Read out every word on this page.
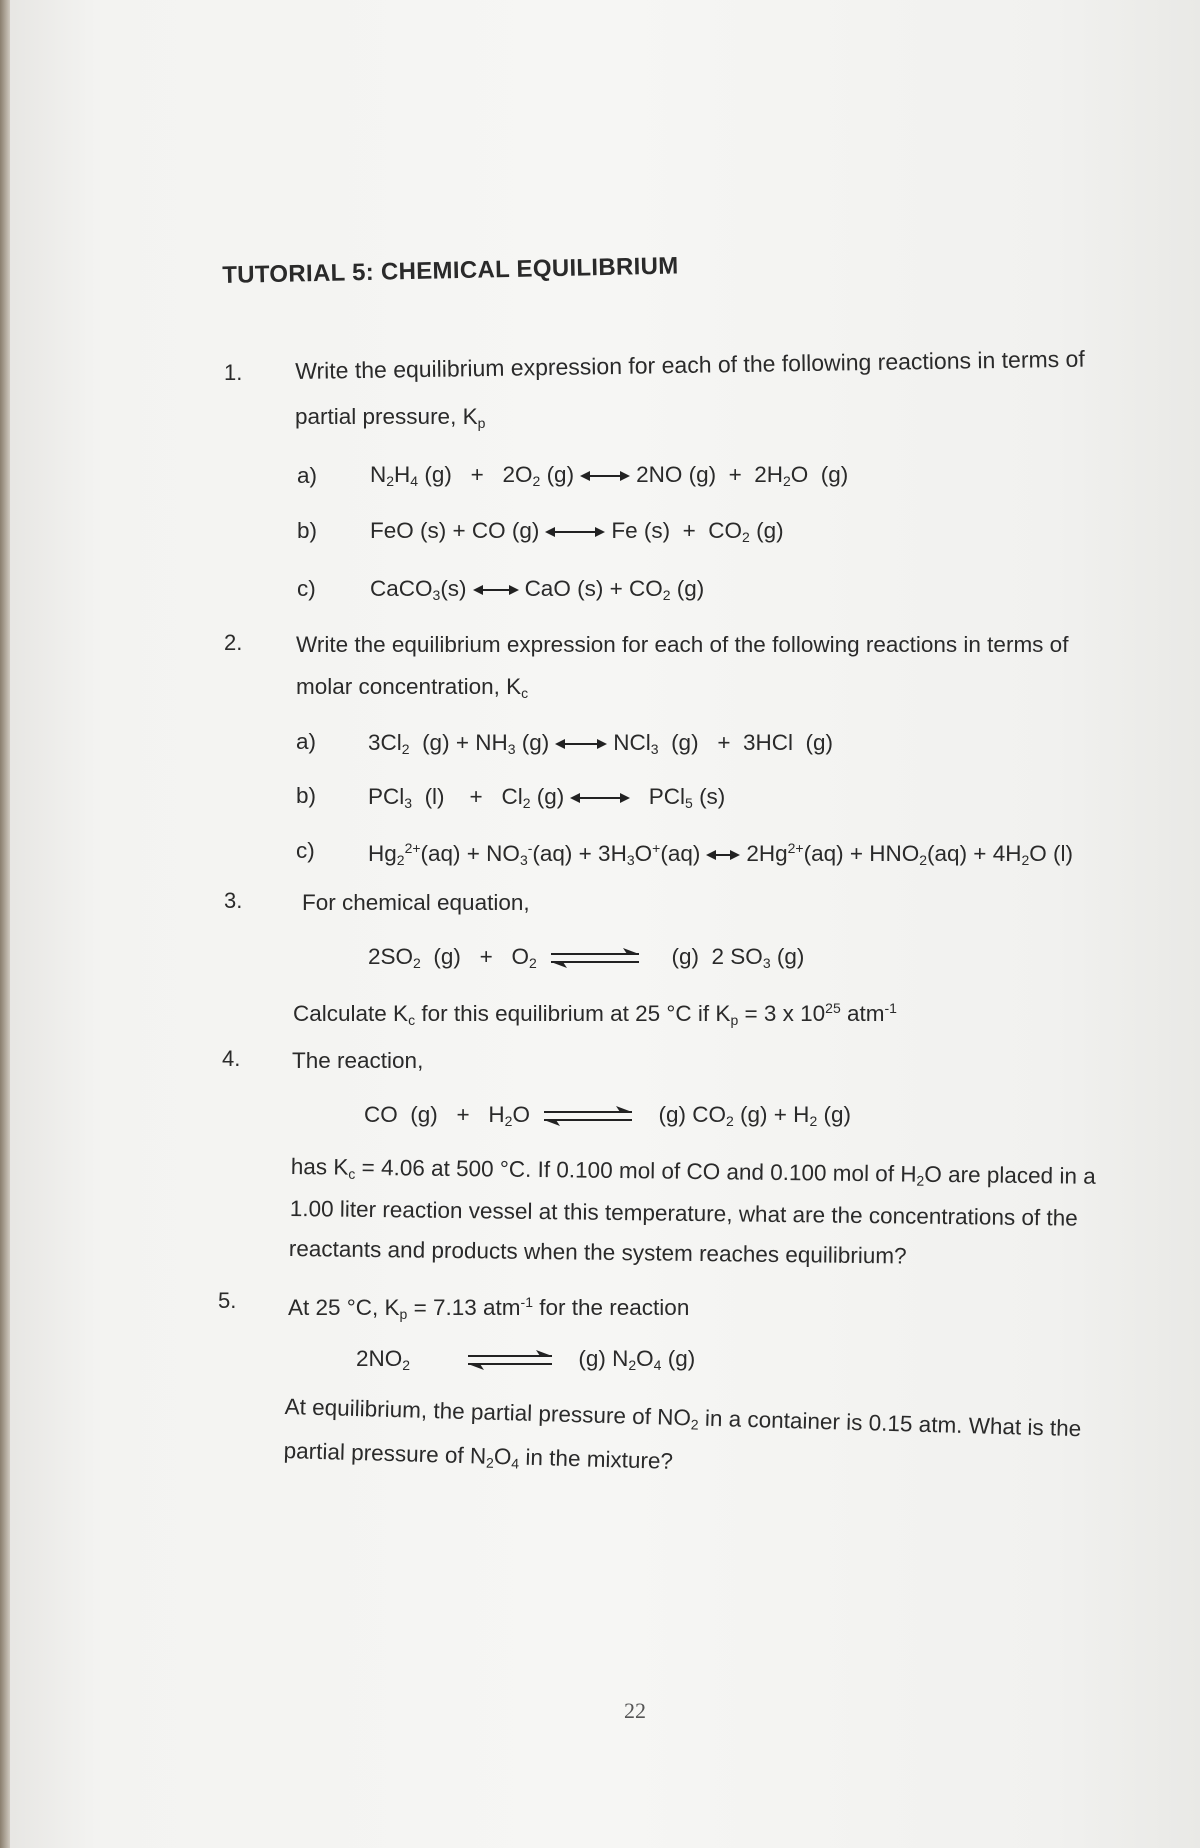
TUTORIAL 5: CHEMICAL EQUILIBRIUM
1. Write the equilibrium expression for each of the following reactions in terms of
partial pressure, $K_p$
a) $N_2H_4$ $(g) + 2O_2$ (g)	2NO $(g) + 2H_2O$  (g)
b) FeO (s) + CO (g)	Fe $(s) + CO_2$ (g)
c) CaCO$_3$(s)	CaO $(s) + CO_2$ (g)
2. Write the equilibrium expression for each of the following reactions in terms of
molar concentration, $K_c$
a) $3Cl_2$  $(g) + NH_3$ (g)	NCl$_3$  (g)   +  3HCl  (g)
b) PCl$_3$  (l)    +   $Cl_2$ (g)	PCl$_5$ (s)
c) $Hg_2^{2+}(aq) + NO_3^-(aq) + 3H_3O^+(aq) 2Hg^{2+}(aq) + HNO_2(aq) + 4H_2O$ (l)
3.	For chemical equation,
$2SO_2$  $(g) + O_2$	(g)  2 $SO_3$ (g)
Calculate $K_c$ for this equilibrium at 25 °C if $K_p = 3$ x $10^{25}$ atm$^{-1}$
4. The reaction,
CO  $(g) + H_2O$	(g) $CO_2$ $(g) + H_2$ (g)
has $K_c = 4.06$ at 500 °C. If 0.100 mol of CO and 0.100 mol of $H_2O$ are placed in a
1.00 liter reaction vessel at this temperature, what are the concentrations of the
reactants and products when the system reaches equilibrium?
5. At 25 °C, $K_p = 7.13$ atm$^{-1}$ for the reaction
$2NO_2$	(g) $N_2O_4$ (g)
At equilibrium, the partial pressure of $NO_2$ in a container is 0.15 atm. What is the
partial pressure of $N_2O_4$ in the mixture?
22
